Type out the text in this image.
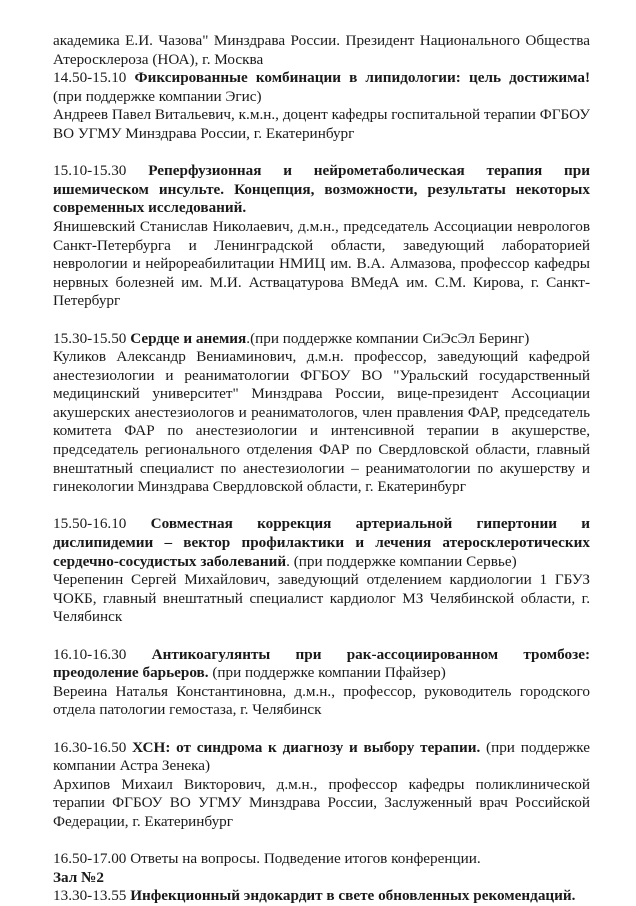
академика Е.И. Чазова" Минздрава России. Президент Национального Общества Атеросклероза (НОА), г. Москва

14.50-15.10 Фиксированные комбинации в липидологии: цель достижима! (при поддержке компании Эгис)

Андреев Павел Витальевич, к.м.н., доцент кафедры госпитальной терапии ФГБОУ ВО УГМУ Минздрава России, г. Екатеринбург

15.10-15.30 Реперфузионная и нейрометаболическая терапия при ишемическом инсульте. Концепция, возможности, результаты некоторых современных исследований.

Янишевский Станислав Николаевич, д.м.н., председатель Ассоциации неврологов Санкт-Петербурга и Ленинградской области, заведующий лабораторией неврологии и нейрореабилитации НМИЦ им. В.А. Алмазова, профессор кафедры нервных болезней им. М.И. Аствацатурова ВМедА им. С.М. Кирова, г. Санкт-Петербург

15.30-15.50 Сердце и анемия.(при поддержке компании СиЭсЭл Беринг)

Куликов Александр Вениаминович, д.м.н. профессор, заведующий кафедрой анестезиологии и реаниматологии ФГБОУ ВО "Уральский государственный медицинский университет" Минздрава России, вице-президент Ассоциации акушерских анестезиологов и реаниматологов, член правления ФАР, председатель комитета ФАР по анестезиологии и интенсивной терапии в акушерстве, председатель регионального отделения ФАР по Свердловской области, главный внештатный специалист по анестезиологии – реаниматологии по акушерству и гинекологии Минздрава Свердловской области, г. Екатеринбург

15.50-16.10 Совместная коррекция артериальной гипертонии и дислипидемии – вектор профилактики и лечения атеросклеротических сердечно-сосудистых заболеваний. (при поддержке компании Сервье)

Черепенин Сергей Михайлович, заведующий отделением кардиологии 1 ГБУЗ ЧОКБ, главный внештатный специалист кардиолог МЗ Челябинской области, г. Челябинск

16.10-16.30 Антикоагулянты при рак-ассоциированном тромбозе: преодоление барьеров. (при поддержке компании Пфайзер)

Вереина Наталья Константиновна, д.м.н., профессор, руководитель городского отдела патологии гемостаза, г. Челябинск

16.30-16.50 ХСН: от синдрома к диагнозу и выбору терапии. (при поддержке компании Астра Зенека)

Архипов Михаил Викторович, д.м.н., профессор кафедры поликлинической терапии ФГБОУ ВО УГМУ Минздрава России, Заслуженный врач Российской Федерации, г. Екатеринбург

16.50-17.00 Ответы на вопросы. Подведение итогов конференции.

Зал №2

13.30-13.55 Инфекционный эндокардит в свете обновленных рекомендаций.
